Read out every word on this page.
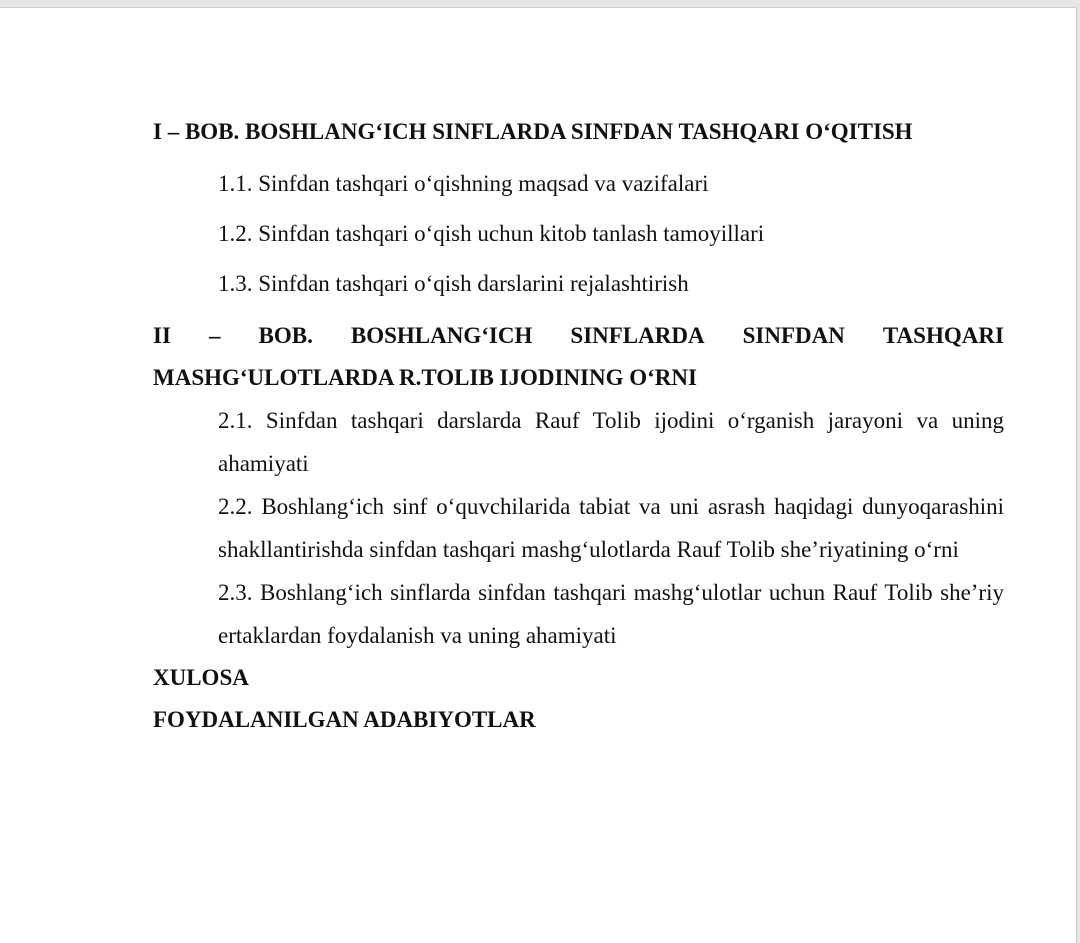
I – BOB. BOSHLANG‘ICH SINFLARDA SINFDAN TASHQARI O‘QITISH

1.1. Sinfdan tashqari o‘qishning maqsad va vazifalari

1.2. Sinfdan tashqari o‘qish uchun kitob tanlash tamoyillari

1.3. Sinfdan tashqari o‘qish darslarini rejalashtirish

II – BOB. BOSHLANG‘ICH SINFLARDA SINFDAN TASHQARI
MASHG‘ULOTLARDA R.TOLIB IJODINING O‘RNI

2.1. Sinfdan tashqari darslarda Rauf Tolib ijodini o‘rganish jarayoni va uning ahamiyati

2.2. Boshlang‘ich sinf o‘quvchilarida tabiat va uni asrash haqidagi dunyoqarashini shakllantirishda sinfdan tashqari mashg‘ulotlarda Rauf Tolib she’riyatining o‘rni

2.3. Boshlang‘ich sinflarda sinfdan tashqari mashg‘ulotlar uchun Rauf Tolib she’riy ertaklardan foydalanish va uning ahamiyati

XULOSA

FOYDALANILGAN ADABIYOTLAR
